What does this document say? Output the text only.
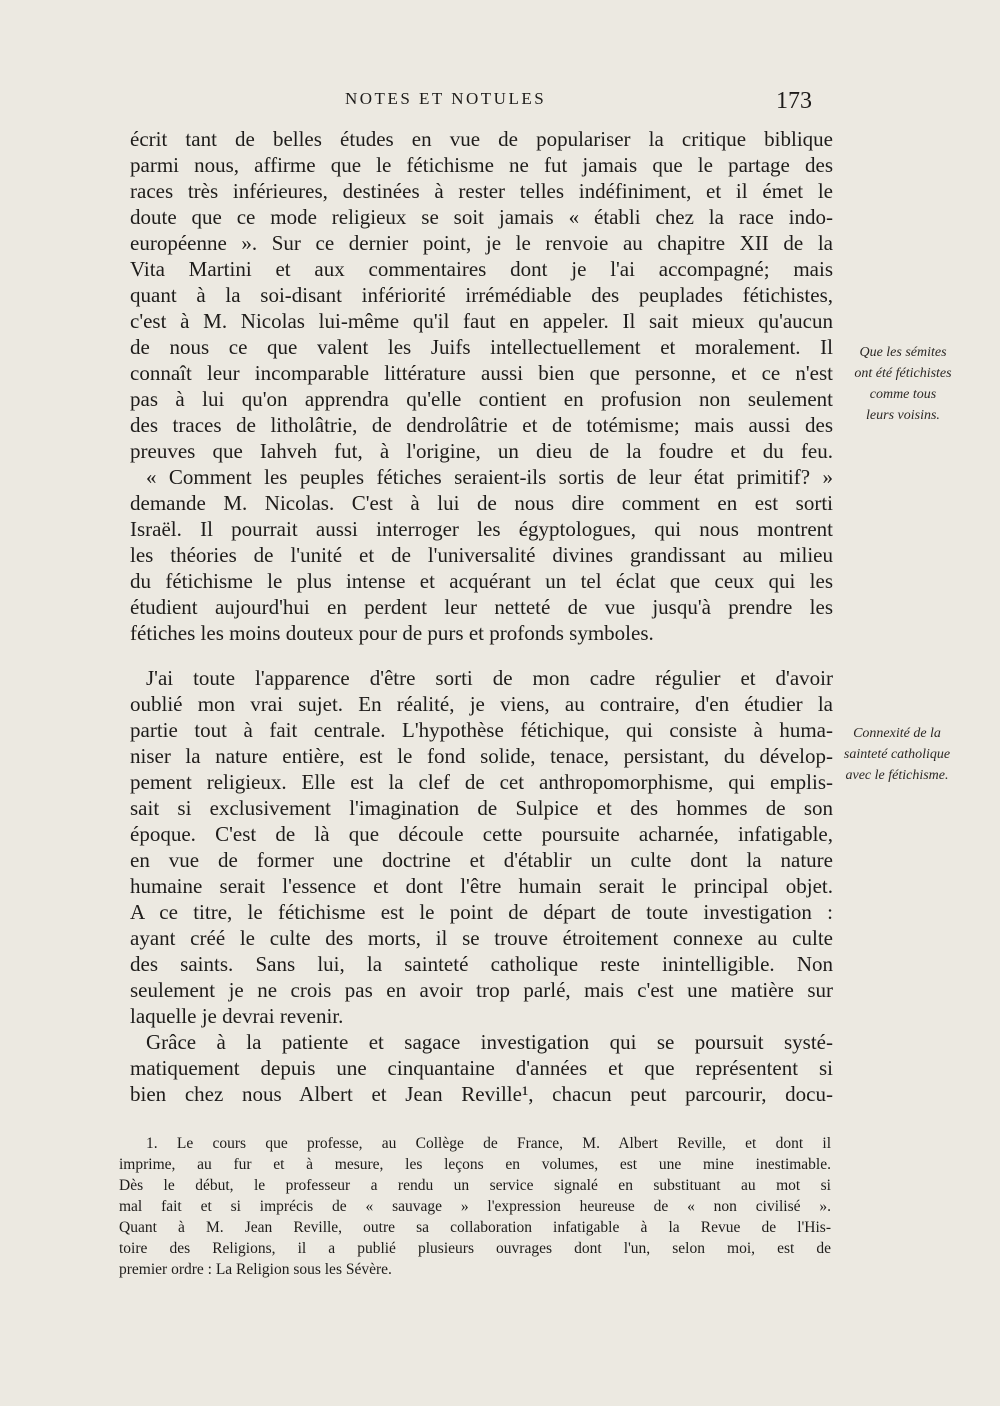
NOTES ET NOTULES	173
écrit tant de belles études en vue de populariser la critique biblique
parmi nous, affirme que le fétichisme ne fut jamais que le partage des
races très inférieures, destinées à rester telles indéfiniment, et il émet le
doute que ce mode religieux se soit jamais « établi chez la race indo-
européenne ». Sur ce dernier point, je le renvoie au chapitre XII de la
Vita Martini et aux commentaires dont je l'ai accompagné; mais
quant à la soi-disant infériorité irrémédiable des peuplades fétichistes,
c'est à M. Nicolas lui-même qu'il faut en appeler. Il sait mieux qu'aucun
de nous ce que valent les Juifs intellectuellement et moralement. Il
connaît leur incomparable littérature aussi bien que personne, et ce n'est
pas à lui qu'on apprendra qu'elle contient en profusion non seulement
des traces de litholâtrie, de dendrolâtrie et de totémisme; mais aussi des
preuves que Iahveh fut, à l'origine, un dieu de la foudre et du feu.
« Comment les peuples fétiches seraient-ils sortis de leur état primitif? »
demande M. Nicolas. C'est à lui de nous dire comment en est sorti
Israël. Il pourrait aussi interroger les égyptologues, qui nous montrent
les théories de l'unité et de l'universalité divines grandissant au milieu
du fétichisme le plus intense et acquérant un tel éclat que ceux qui les
étudient aujourd'hui en perdent leur netteté de vue jusqu'à prendre les
fétiches les moins douteux pour de purs et profonds symboles.
J'ai toute l'apparence d'être sorti de mon cadre régulier et d'avoir
oublié mon vrai sujet. En réalité, je viens, au contraire, d'en étudier la
partie tout à fait centrale. L'hypothèse fétichique, qui consiste à huma-
niser la nature entière, est le fond solide, tenace, persistant, du dévelop-
pement religieux. Elle est la clef de cet anthropomorphisme, qui emplis-
sait si exclusivement l'imagination de Sulpice et des hommes de son
époque. C'est de là que découle cette poursuite acharnée, infatigable,
en vue de former une doctrine et d'établir un culte dont la nature
humaine serait l'essence et dont l'être humain serait le principal objet.
A ce titre, le fétichisme est le point de départ de toute investigation :
ayant créé le culte des morts, il se trouve étroitement connexe au culte
des saints. Sans lui, la sainteté catholique reste inintelligible. Non
seulement je ne crois pas en avoir trop parlé, mais c'est une matière sur
laquelle je devrai revenir.
Grâce à la patiente et sagace investigation qui se poursuit systé-
matiquement depuis une cinquantaine d'années et que représentent si
bien chez nous Albert et Jean Reville¹, chacun peut parcourir, docu-
Que les sémites
ont été fétichistes
comme tous
leurs voisins.
Connexité de la
sainteté catholique
avec le fétichisme.
1. Le cours que professe, au Collège de France, M. Albert Reville, et dont il
imprime, au fur et à mesure, les leçons en volumes, est une mine inestimable.
Dès le début, le professeur a rendu un service signalé en substituant au mot si
mal fait et si imprécis de « sauvage » l'expression heureuse de « non civilisé ».
Quant à M. Jean Reville, outre sa collaboration infatigable à la Revue de l'His-
toire des Religions, il a publié plusieurs ouvrages dont l'un, selon moi, est de
premier ordre : La Religion sous les Sévère.
